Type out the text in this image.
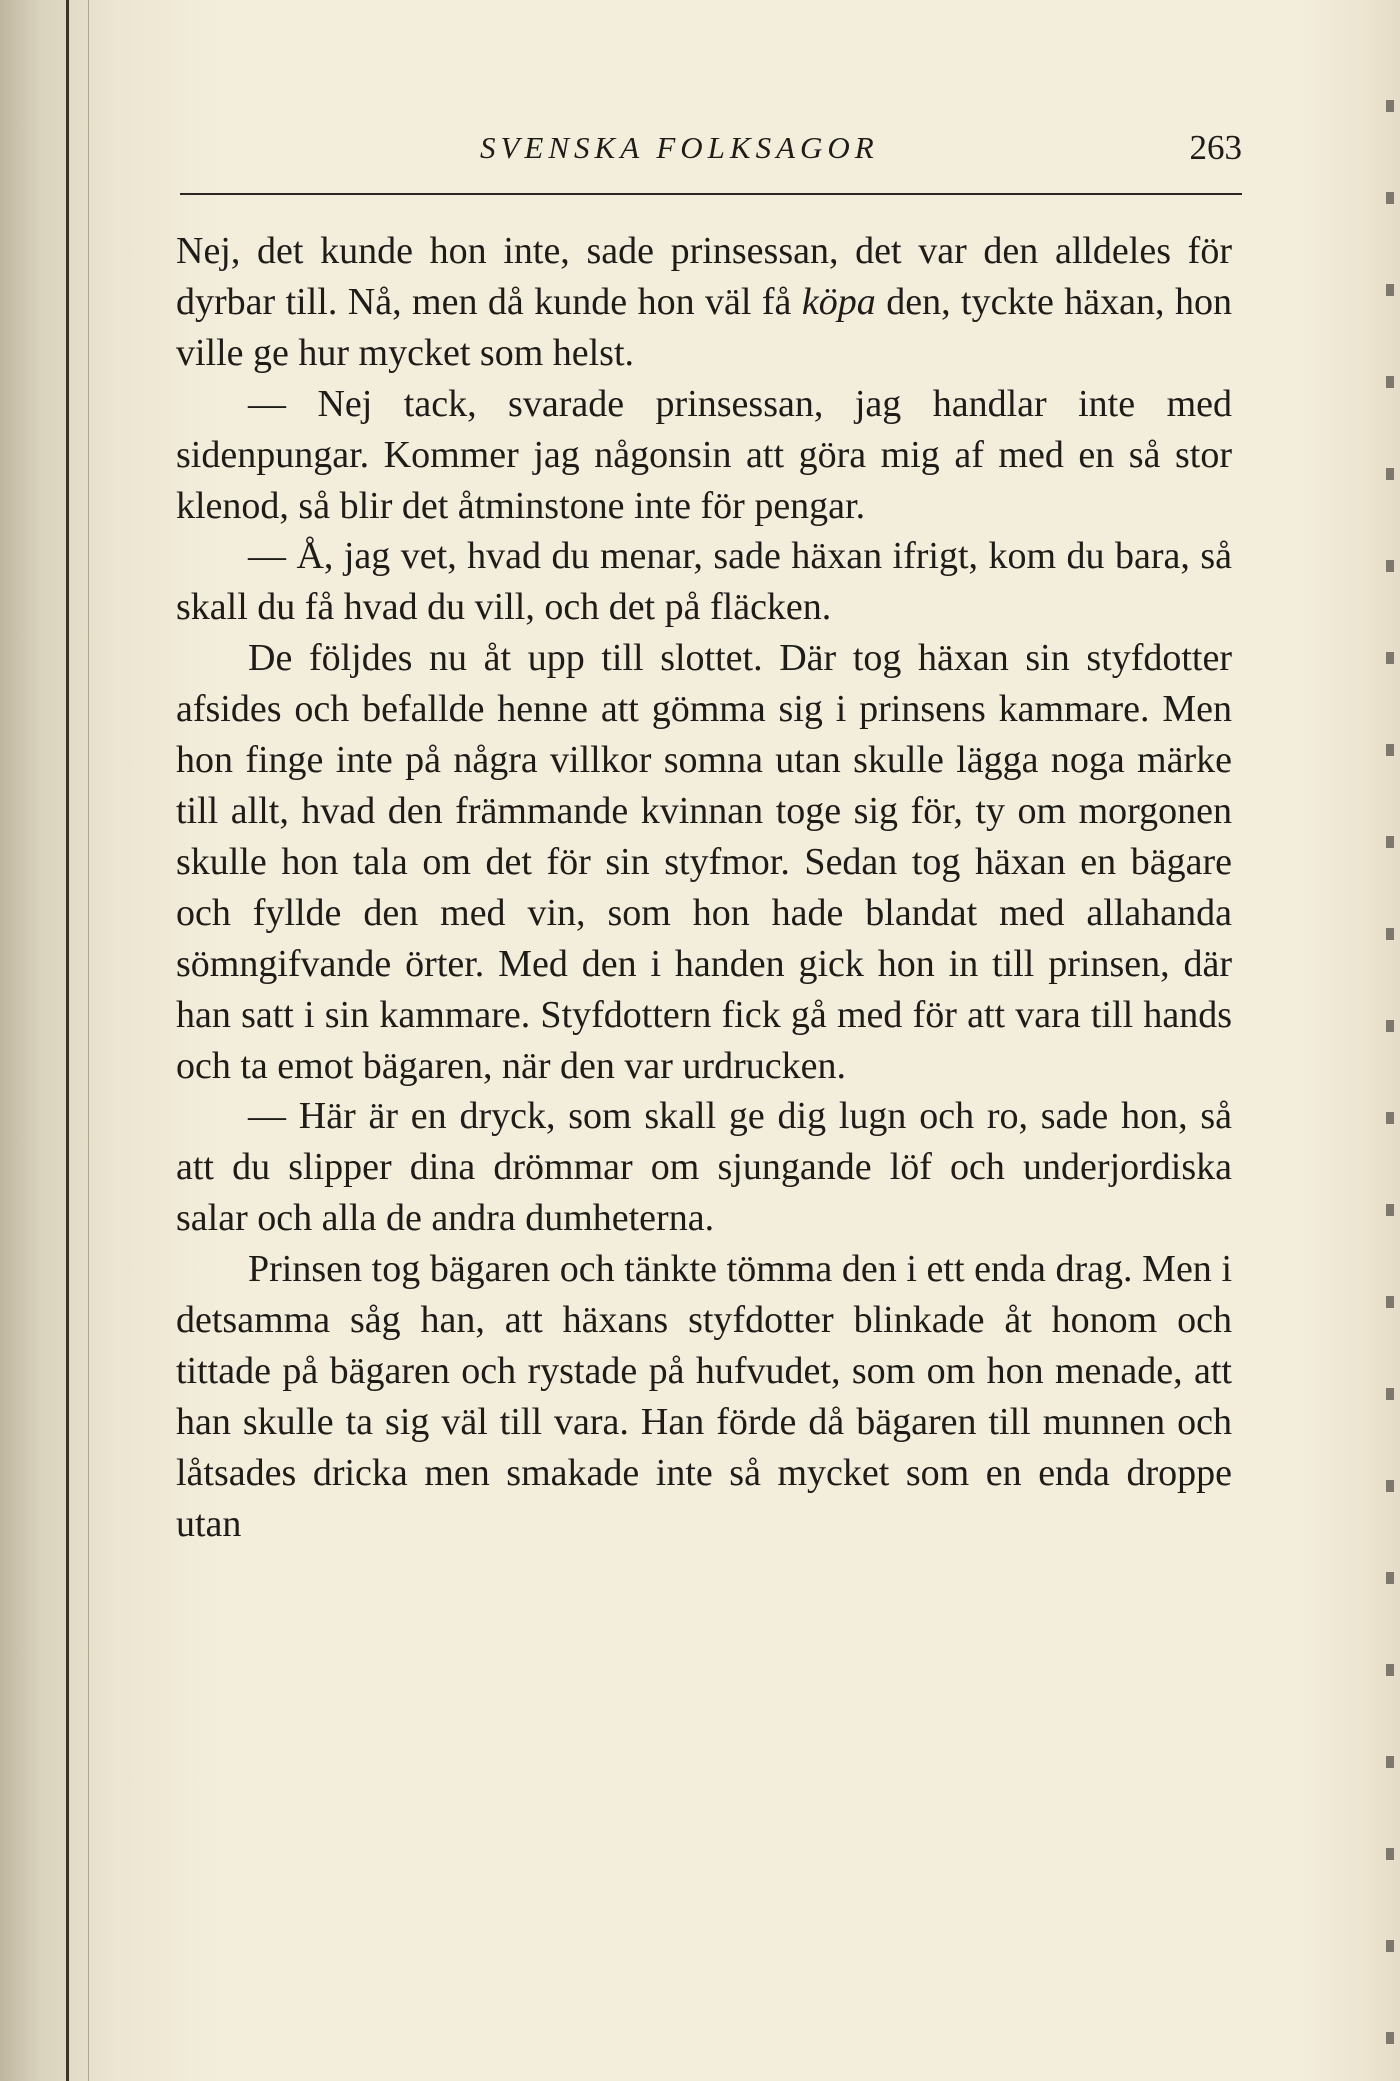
SVENSKA FOLKSAGOR	263

Nej, det kunde hon inte, sade prinsessan, det var den alldeles för dyrbar till. Nå, men då kunde hon väl få köpa den, tyckte häxan, hon ville ge hur mycket som helst.

— Nej tack, svarade prinsessan, jag handlar inte med sidenpungar. Kommer jag någonsin att göra mig af med en så stor klenod, så blir det åtminstone inte för pengar.

— Å, jag vet, hvad du menar, sade häxan ifrigt, kom du bara, så skall du få hvad du vill, och det på fläcken.

De följdes nu åt upp till slottet. Där tog häxan sin styfdotter afsides och befallde henne att gömma sig i prinsens kammare. Men hon finge inte på några villkor somna utan skulle lägga noga märke till allt, hvad den främmande kvinnan toge sig för, ty om morgonen skulle hon tala om det för sin styfmor. Sedan tog häxan en bägare och fyllde den med vin, som hon hade blandat med allahanda sömngifvande örter. Med den i handen gick hon in till prinsen, där han satt i sin kammare. Styfdottern fick gå med för att vara till hands och ta emot bägaren, när den var urdrucken.

— Här är en dryck, som skall ge dig lugn och ro, sade hon, så att du slipper dina drömmar om sjungande löf och underjordiska salar och alla de andra dumheterna.

Prinsen tog bägaren och tänkte tömma den i ett enda drag. Men i detsamma såg han, att häxans styfdotter blinkade åt honom och tittade på bägaren och rystade på hufvudet, som om hon menade, att han skulle ta sig väl till vara. Han förde då bägaren till munnen och låtsades dricka men smakade inte så mycket som en enda droppe utan
